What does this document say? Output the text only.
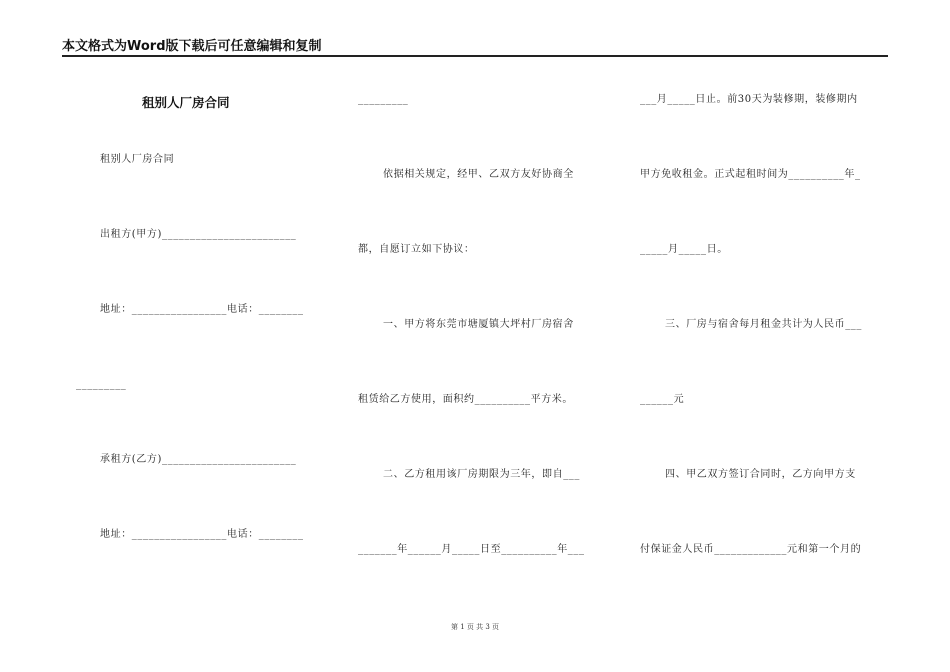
本文格式为Word版下载后可任意编辑和复制
租别人厂房合同
租别人厂房合同
出租方(甲方)________________________
地址：_________________电话：________
_________
承租方(乙方)________________________
地址：_________________电话：________
_________
依据相关规定，经甲、乙双方友好协商全
都，自愿订立如下协议：
一、甲方将东莞市塘厦镇大坪村厂房宿舍
租赁给乙方使用，面积约__________平方米。
二、乙方租用该厂房期限为三年，即自___
_______年______月_____日至__________年___
___月_____日止。前30天为装修期，装修期内
甲方免收租金。正式起租时间为__________年_
_____月_____日。
三、厂房与宿舍每月租金共计为人民币___
______元
四、甲乙双方签订合同时，乙方向甲方支
付保证金人民币_____________元和第一个月的
第 1 页 共 3 页
